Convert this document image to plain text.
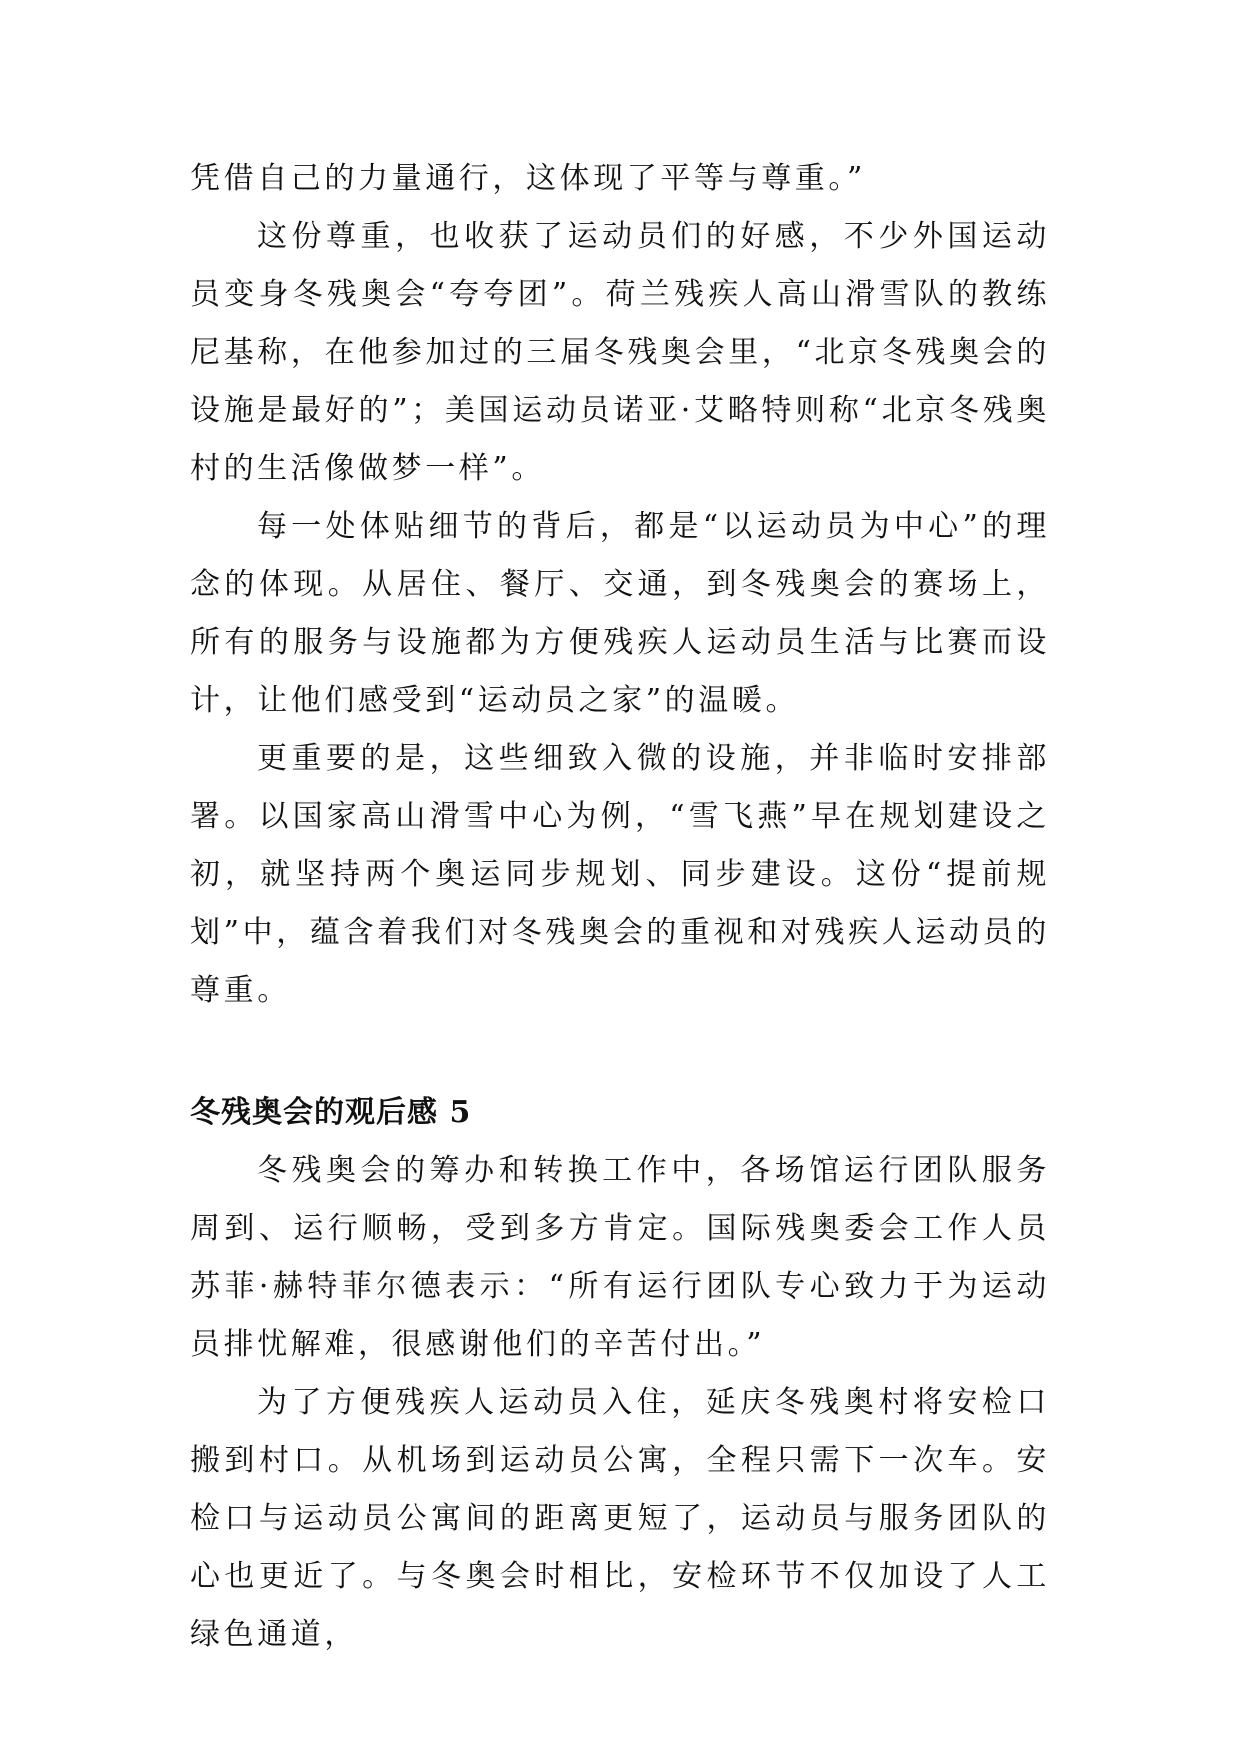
凭借自己的力量通行，这体现了平等与尊重。”

这份尊重，也收获了运动员们的好感，不少外国运动员变身冬残奥会“夸夸团”。荷兰残疾人高山滑雪队的教练尼基称，在他参加过的三届冬残奥会里，“北京冬残奥会的设施是最好的”；美国运动员诺亚·艾略特则称“北京冬残奥村的生活像做梦一样”。

每一处体贴细节的背后，都是“以运动员为中心”的理念的体现。从居住、餐厅、交通，到冬残奥会的赛场上，所有的服务与设施都为方便残疾人运动员生活与比赛而设计，让他们感受到“运动员之家”的温暖。

更重要的是，这些细致入微的设施，并非临时安排部署。以国家高山滑雪中心为例，“雪飞燕”早在规划建设之初，就坚持两个奥运同步规划、同步建设。这份“提前规划”中，蕴含着我们对冬残奥会的重视和对残疾人运动员的尊重。

冬残奥会的观后感 5

冬残奥会的筹办和转换工作中，各场馆运行团队服务周到、运行顺畅，受到多方肯定。国际残奥委会工作人员苏菲·赫特菲尔德表示：“所有运行团队专心致力于为运动员排忧解难，很感谢他们的辛苦付出。”

为了方便残疾人运动员入住，延庆冬残奥村将安检口搬到村口。从机场到运动员公寓，全程只需下一次车。安检口与运动员公寓间的距离更短了，运动员与服务团队的心也更近了。与冬奥会时相比，安检环节不仅加设了人工绿色通道，
